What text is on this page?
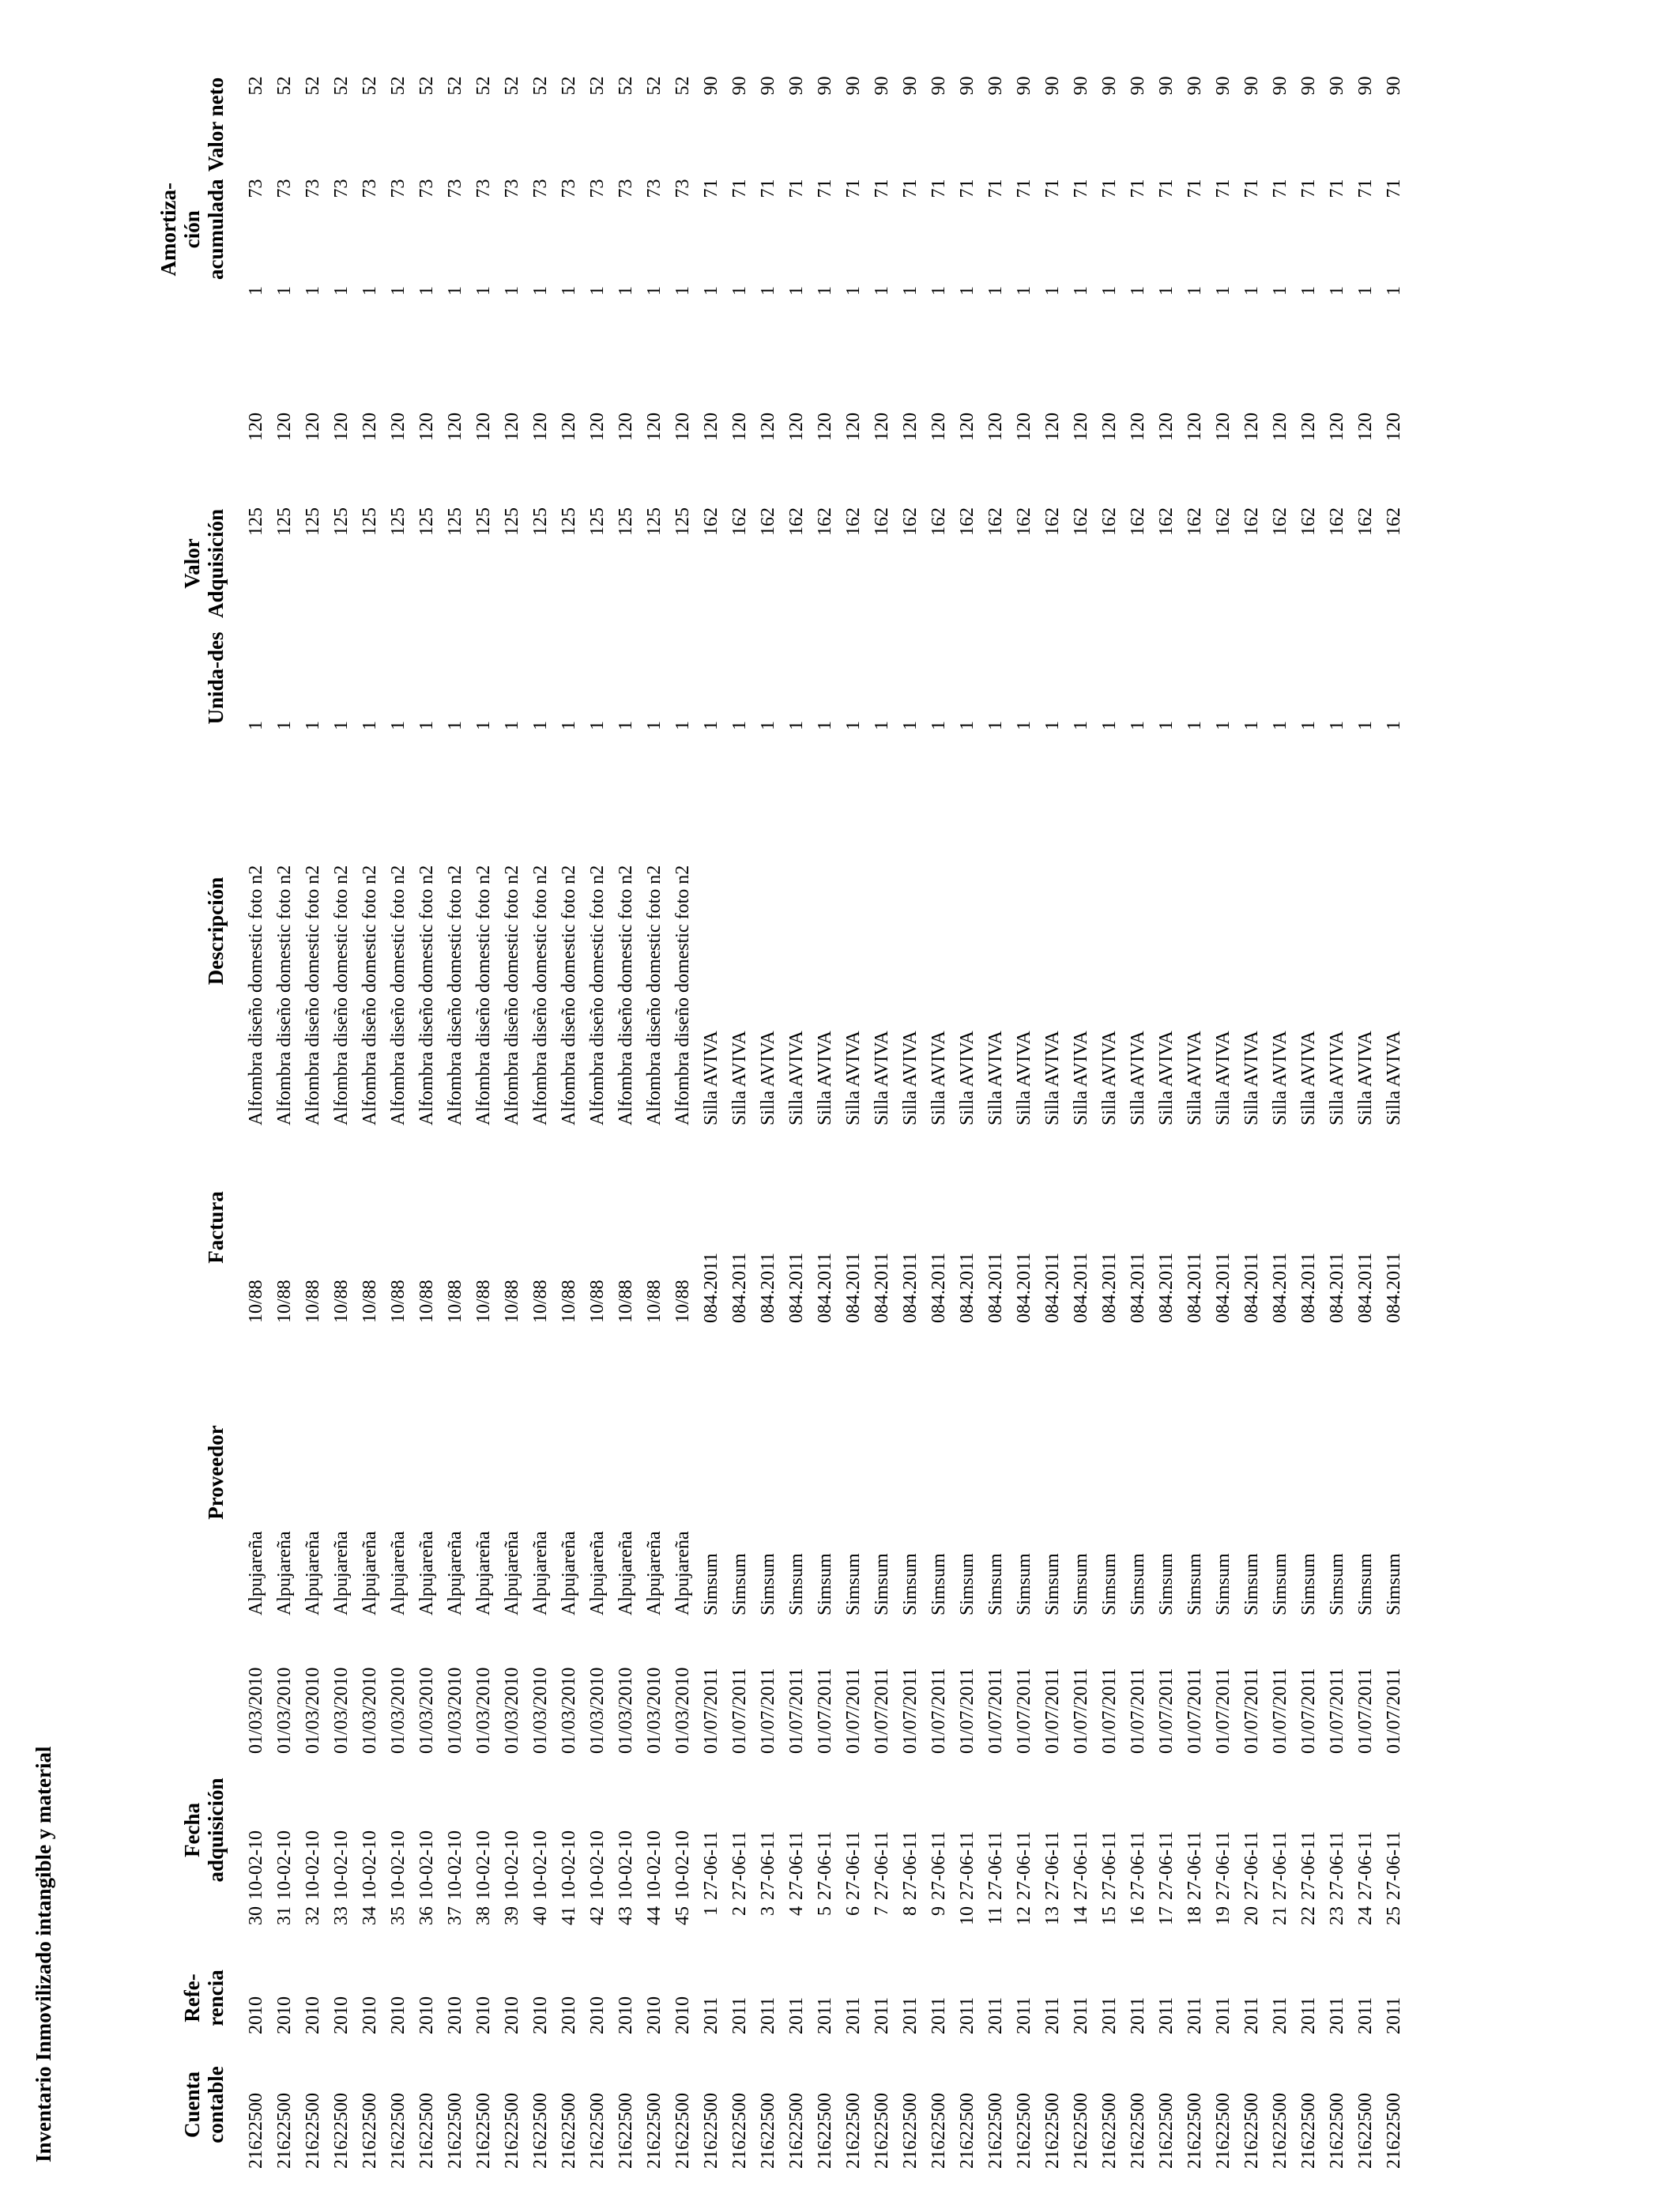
Inventario Inmovilizado intangible y material	Cuenta contable	Refe-rencia		Fecha adquisición		Proveedor	Factura	Descripción	Unida-des	Valor Adquisición			Amortiza-ción acumulada	Valor neto
21622500	2010	30	10-02-10	01/03/2010	Alpujareña	10/88	Alfombra diseño domestic foto n2	1	125	120	1	73	52
21622500	2010	31	10-02-10	01/03/2010	Alpujareña	10/88	Alfombra diseño domestic foto n2	1	125	120	1	73	52
21622500	2010	32	10-02-10	01/03/2010	Alpujareña	10/88	Alfombra diseño domestic foto n2	1	125	120	1	73	52
21622500	2010	33	10-02-10	01/03/2010	Alpujareña	10/88	Alfombra diseño domestic foto n2	1	125	120	1	73	52
21622500	2010	34	10-02-10	01/03/2010	Alpujareña	10/88	Alfombra diseño domestic foto n2	1	125	120	1	73	52
21622500	2010	35	10-02-10	01/03/2010	Alpujareña	10/88	Alfombra diseño domestic foto n2	1	125	120	1	73	52
21622500	2010	36	10-02-10	01/03/2010	Alpujareña	10/88	Alfombra diseño domestic foto n2	1	125	120	1	73	52
21622500	2010	37	10-02-10	01/03/2010	Alpujareña	10/88	Alfombra diseño domestic foto n2	1	125	120	1	73	52
21622500	2010	38	10-02-10	01/03/2010	Alpujareña	10/88	Alfombra diseño domestic foto n2	1	125	120	1	73	52
21622500	2010	39	10-02-10	01/03/2010	Alpujareña	10/88	Alfombra diseño domestic foto n2	1	125	120	1	73	52
21622500	2010	40	10-02-10	01/03/2010	Alpujareña	10/88	Alfombra diseño domestic foto n2	1	125	120	1	73	52
21622500	2010	41	10-02-10	01/03/2010	Alpujareña	10/88	Alfombra diseño domestic foto n2	1	125	120	1	73	52
21622500	2010	42	10-02-10	01/03/2010	Alpujareña	10/88	Alfombra diseño domestic foto n2	1	125	120	1	73	52
21622500	2010	43	10-02-10	01/03/2010	Alpujareña	10/88	Alfombra diseño domestic foto n2	1	125	120	1	73	52
21622500	2010	44	10-02-10	01/03/2010	Alpujareña	10/88	Alfombra diseño domestic foto n2	1	125	120	1	73	52
21622500	2010	45	10-02-10	01/03/2010	Alpujareña	10/88	Alfombra diseño domestic foto n2	1	125	120	1	73	52
21622500	2011	1	27-06-11	01/07/2011	Simsum	084.2011	Silla AVIVA	1	162	120	1	71	90
21622500	2011	2	27-06-11	01/07/2011	Simsum	084.2011	Silla AVIVA	1	162	120	1	71	90
21622500	2011	3	27-06-11	01/07/2011	Simsum	084.2011	Silla AVIVA	1	162	120	1	71	90
21622500	2011	4	27-06-11	01/07/2011	Simsum	084.2011	Silla AVIVA	1	162	120	1	71	90
21622500	2011	5	27-06-11	01/07/2011	Simsum	084.2011	Silla AVIVA	1	162	120	1	71	90
21622500	2011	6	27-06-11	01/07/2011	Simsum	084.2011	Silla AVIVA	1	162	120	1	71	90
21622500	2011	7	27-06-11	01/07/2011	Simsum	084.2011	Silla AVIVA	1	162	120	1	71	90
21622500	2011	8	27-06-11	01/07/2011	Simsum	084.2011	Silla AVIVA	1	162	120	1	71	90
21622500	2011	9	27-06-11	01/07/2011	Simsum	084.2011	Silla AVIVA	1	162	120	1	71	90
21622500	2011	10	27-06-11	01/07/2011	Simsum	084.2011	Silla AVIVA	1	162	120	1	71	90
21622500	2011	11	27-06-11	01/07/2011	Simsum	084.2011	Silla AVIVA	1	162	120	1	71	90
21622500	2011	12	27-06-11	01/07/2011	Simsum	084.2011	Silla AVIVA	1	162	120	1	71	90
21622500	2011	13	27-06-11	01/07/2011	Simsum	084.2011	Silla AVIVA	1	162	120	1	71	90
21622500	2011	14	27-06-11	01/07/2011	Simsum	084.2011	Silla AVIVA	1	162	120	1	71	90
21622500	2011	15	27-06-11	01/07/2011	Simsum	084.2011	Silla AVIVA	1	162	120	1	71	90
21622500	2011	16	27-06-11	01/07/2011	Simsum	084.2011	Silla AVIVA	1	162	120	1	71	90
21622500	2011	17	27-06-11	01/07/2011	Simsum	084.2011	Silla AVIVA	1	162	120	1	71	90
21622500	2011	18	27-06-11	01/07/2011	Simsum	084.2011	Silla AVIVA	1	162	120	1	71	90
21622500	2011	19	27-06-11	01/07/2011	Simsum	084.2011	Silla AVIVA	1	162	120	1	71	90
21622500	2011	20	27-06-11	01/07/2011	Simsum	084.2011	Silla AVIVA	1	162	120	1	71	90
21622500	2011	21	27-06-11	01/07/2011	Simsum	084.2011	Silla AVIVA	1	162	120	1	71	90
21622500	2011	22	27-06-11	01/07/2011	Simsum	084.2011	Silla AVIVA	1	162	120	1	71	90
21622500	2011	23	27-06-11	01/07/2011	Simsum	084.2011	Silla AVIVA	1	162	120	1	71	90
21622500	2011	24	27-06-11	01/07/2011	Simsum	084.2011	Silla AVIVA	1	162	120	1	71	90
21622500	2011	25	27-06-11	01/07/2011	Simsum	084.2011	Silla AVIVA	1	162	120	1	71	90
